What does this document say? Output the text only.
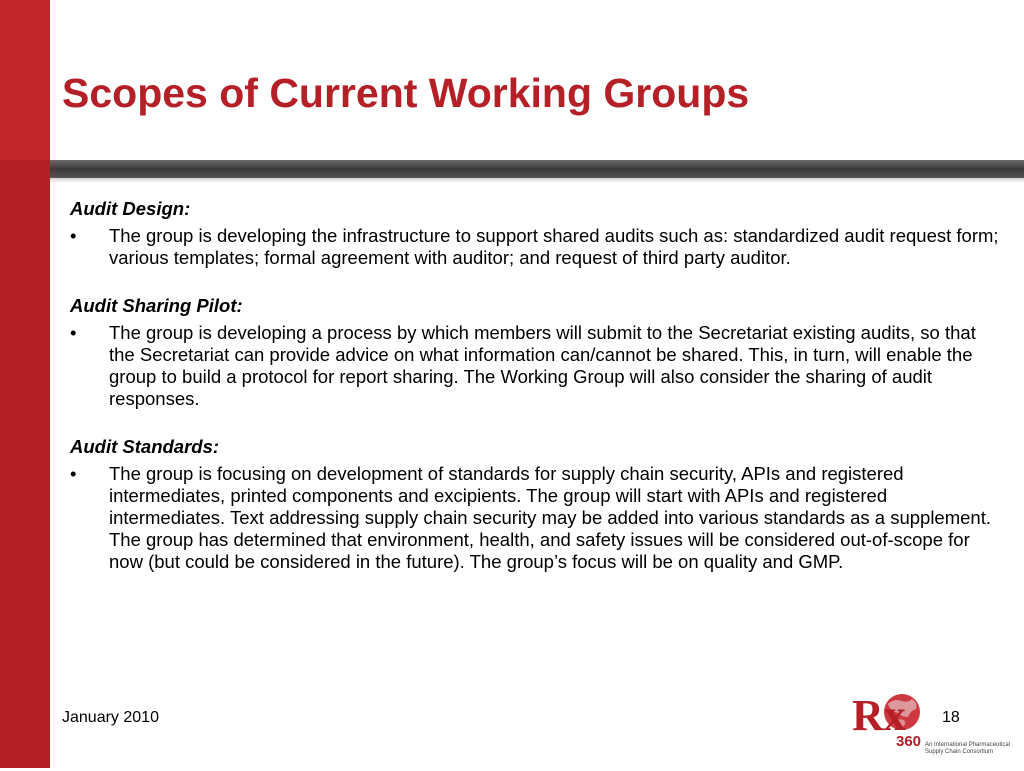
Scopes of Current Working Groups
Audit Design:
•	The group is developing the infrastructure to support shared audits such as: standardized audit request form; various templates; formal agreement with auditor; and request of third party auditor.
Audit Sharing Pilot:
•	The group is developing a process by which members will submit to the Secretariat existing audits, so that the Secretariat can provide advice on what information can/cannot be shared. This, in turn, will enable the group to build a protocol for report sharing. The Working Group will also consider the sharing of audit responses.
Audit Standards:
•	The group is focusing on development of standards for supply chain security, APIs and registered intermediates, printed components and excipients. The group will start with APIs and registered intermediates. Text addressing supply chain security may be added into various standards as a supplement. The group has determined that environment, health, and safety issues will be considered out-of-scope for now (but could be considered in the future). The group’s focus will be on quality and GMP.
January 2010	18
Rx
360 An International Pharmaceutical Supply Chain Consortium
